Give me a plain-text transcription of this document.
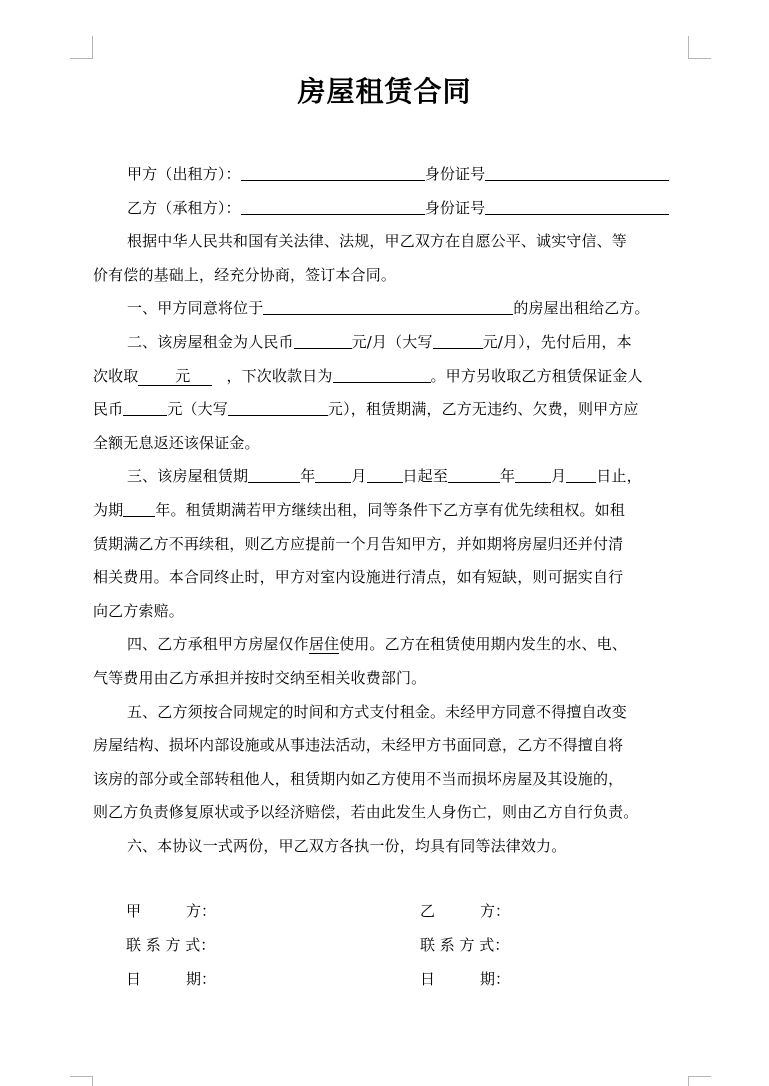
房屋租赁合同
甲方（出租方）：	身份证号
乙方（承租方）：	身份证号
根据中华人民共和国有关法律、法规，甲乙双方在自愿公平、诚实守信、等
价有偿的基础上，经充分协商，签订本合同。
一、甲方同意将位于	的房屋出租给乙方。
二、该房屋租金为人民币	元/月（大写	元/月），先付后用，本
次收取 元 ，下次收款日为	。甲方另收取乙方租赁保证金人
民币	元（大写	元），租赁期满，乙方无违约、欠费，则甲方应
全额无息返还该保证金。
三、该房屋租赁期	年 月 日起至	年 月 日止，
为期 年。租赁期满若甲方继续出租，同等条件下乙方享有优先续租权。如租
赁期满乙方不再续租，则乙方应提前一个月告知甲方，并如期将房屋归还并付清
相关费用。本合同终止时，甲方对室内设施进行清点，如有短缺，则可据实自行
向乙方索赔。
四、乙方承租甲方房屋仅作居住使用。乙方在租赁使用期内发生的水、电、
气等费用由乙方承担并按时交纳至相关收费部门。
五、乙方须按合同规定的时间和方式支付租金。未经甲方同意不得擅自改变
房屋结构、损坏内部设施或从事违法活动，未经甲方书面同意，乙方不得擅自将
该房的部分或全部转租他人，租赁期内如乙方使用不当而损坏房屋及其设施的，
则乙方负责修复原状或予以经济赔偿，若由此发生人身伤亡，则由乙方自行负责。
六、本协议一式两份，甲乙双方各执一份，均具有同等法律效力。
甲　　　方：	乙　　　方：
联 系 方 式：	联 系 方 式：
日　　　期：	日　　　期：
